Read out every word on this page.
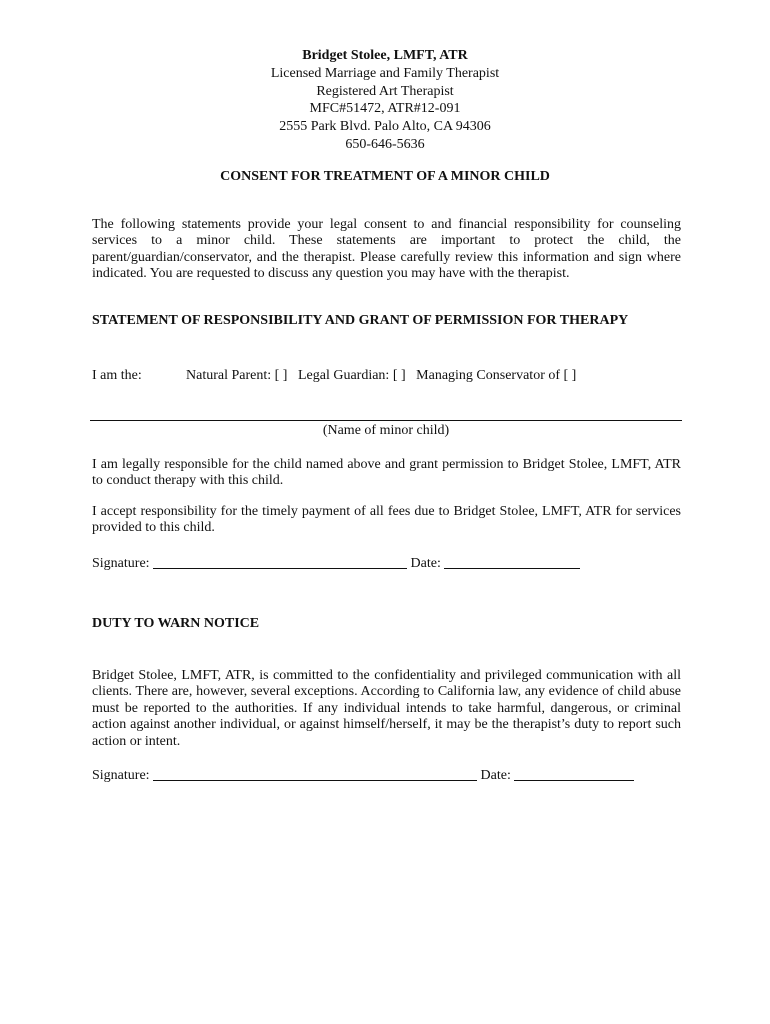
Bridget Stolee, LMFT, ATR
Licensed Marriage and Family Therapist
Registered Art Therapist
MFC#51472, ATR#12-091
2555 Park Blvd. Palo Alto, CA 94306
650-646-5636
CONSENT FOR TREATMENT OF A MINOR CHILD
The following statements provide your legal consent to and financial responsibility for counseling services to a minor child. These statements are important to protect the child, the parent/guardian/conservator, and the therapist. Please carefully review this information and sign where indicated. You are requested to discuss any question you may have with the therapist.
STATEMENT OF RESPONSIBILITY AND GRANT OF PERMISSION FOR THERAPY
I am the:	Natural Parent: [ ] Legal Guardian: [ ] Managing Conservator of [ ]
(Name of minor child)
I am legally responsible for the child named above and grant permission to Bridget Stolee, LMFT, ATR to conduct therapy with this child.
I accept responsibility for the timely payment of all fees due to Bridget Stolee, LMFT, ATR for services provided to this child.
Signature:	Date:
DUTY TO WARN NOTICE
Bridget Stolee, LMFT, ATR, is committed to the confidentiality and privileged communication with all clients. There are, however, several exceptions. According to California law, any evidence of child abuse must be reported to the authorities. If any individual intends to take harmful, dangerous, or criminal action against another individual, or against himself/herself, it may be the therapist’s duty to report such action or intent.
Signature:	Date:
